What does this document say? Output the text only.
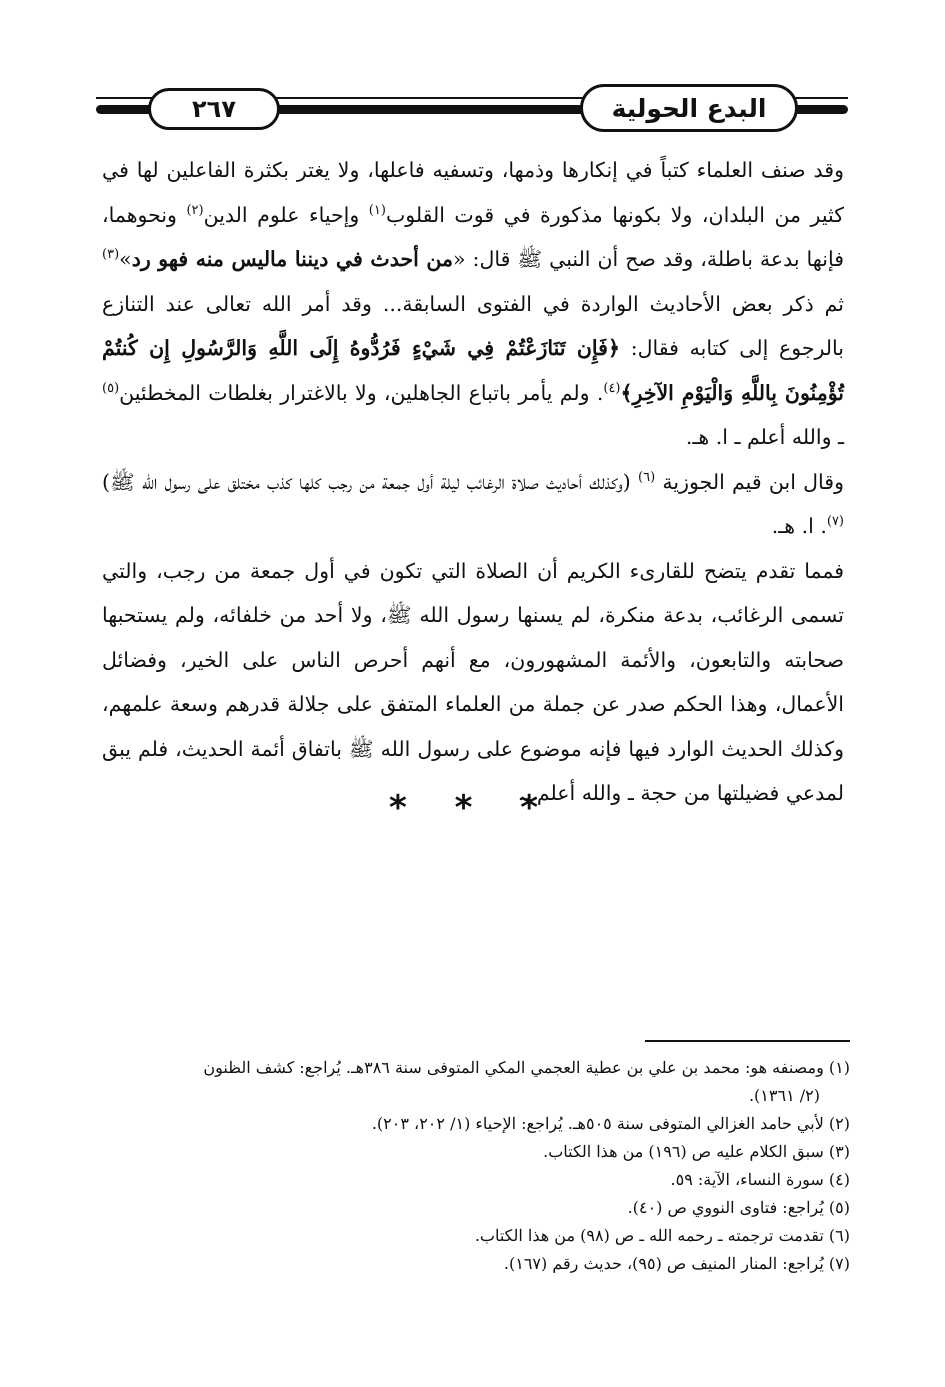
٢٦٧	البدع الحولية

وقد صنف العلماء كتباً في إنكارها وذمها، وتسفيه فاعلها، ولا يغتر بكثرة الفاعلين لها في كثير من البلدان، ولا بكونها مذكورة في قوت القلوب$^{(١)}$ وإحياء علوم الدين$^{(٢)}$ ونحوهما، فإنها بدعة باطلة، وقد صح أن النبي ﷺ قال: «من أحدث في ديننا ماليس منه فهو رد»$^{(٣)}$ ثم ذكر بعض الأحاديث الواردة في الفتوى السابقة... وقد أمر الله تعالى عند التنازع بالرجوع إلى كتابه فقال: ﴿فَإِن تَنَازَعْتُمْ فِي شَيْءٍ فَرُدُّوهُ إِلَى اللَّهِ وَالرَّسُولِ إِن كُنتُمْ تُؤْمِنُونَ بِاللَّهِ وَالْيَوْمِ الآخِرِ﴾$^{(٤)}$. ولم يأمر باتباع الجاهلين، ولا بالاغترار بغلطات المخطئين$^{(٥)}$ ـ والله أعلم ـ ا. هـ.

وقال ابن قيم الجوزية $^{(٦)}$ (وكذلك أحاديث صلاة الرغائب ليلة أول جمعة من رجب كلها كذب مختلق على رسول الله ﷺ)$^{(٧)}$. ا. هـ.

فمما تقدم يتضح للقارىء الكريم أن الصلاة التي تكون في أول جمعة من رجب، والتي تسمى الرغائب، بدعة منكرة، لم يسنها رسول الله ﷺ، ولا أحد من خلفائه، ولم يستحبها صحابته والتابعون، والأئمة المشهورون، مع أنهم أحرص الناس على الخير، وفضائل الأعمال، وهذا الحكم صدر عن جملة من العلماء المتفق على جلالة قدرهم وسعة علمهم، وكذلك الحديث الوارد فيها فإنه موضوع على رسول الله ﷺ باتفاق أئمة الحديث، فلم يبق لمدعي فضيلتها من حجة ـ والله أعلم ـ.

* * *

(١) ومصنفه هو: محمد بن علي بن عطية العجمي المكي المتوفى سنة ٣٨٦هـ. يُراجع: كشف الظنون
(٢/ ١٣٦١).

(٢) لأبي حامد الغزالي المتوفى سنة ٥٠٥هـ. يُراجع: الإحياء (١/ ٢٠٢، ٢٠٣).

(٣) سبق الكلام عليه ص (١٩٦) من هذا الكتاب.

(٤) سورة النساء، الآية: ٥٩.

(٥) يُراجع: فتاوى النووي ص (٤٠).

(٦) تقدمت ترجمته ـ رحمه الله ـ ص (٩٨) من هذا الكتاب.

(٧) يُراجع: المنار المنيف ص (٩٥)، حديث رقم (١٦٧).
